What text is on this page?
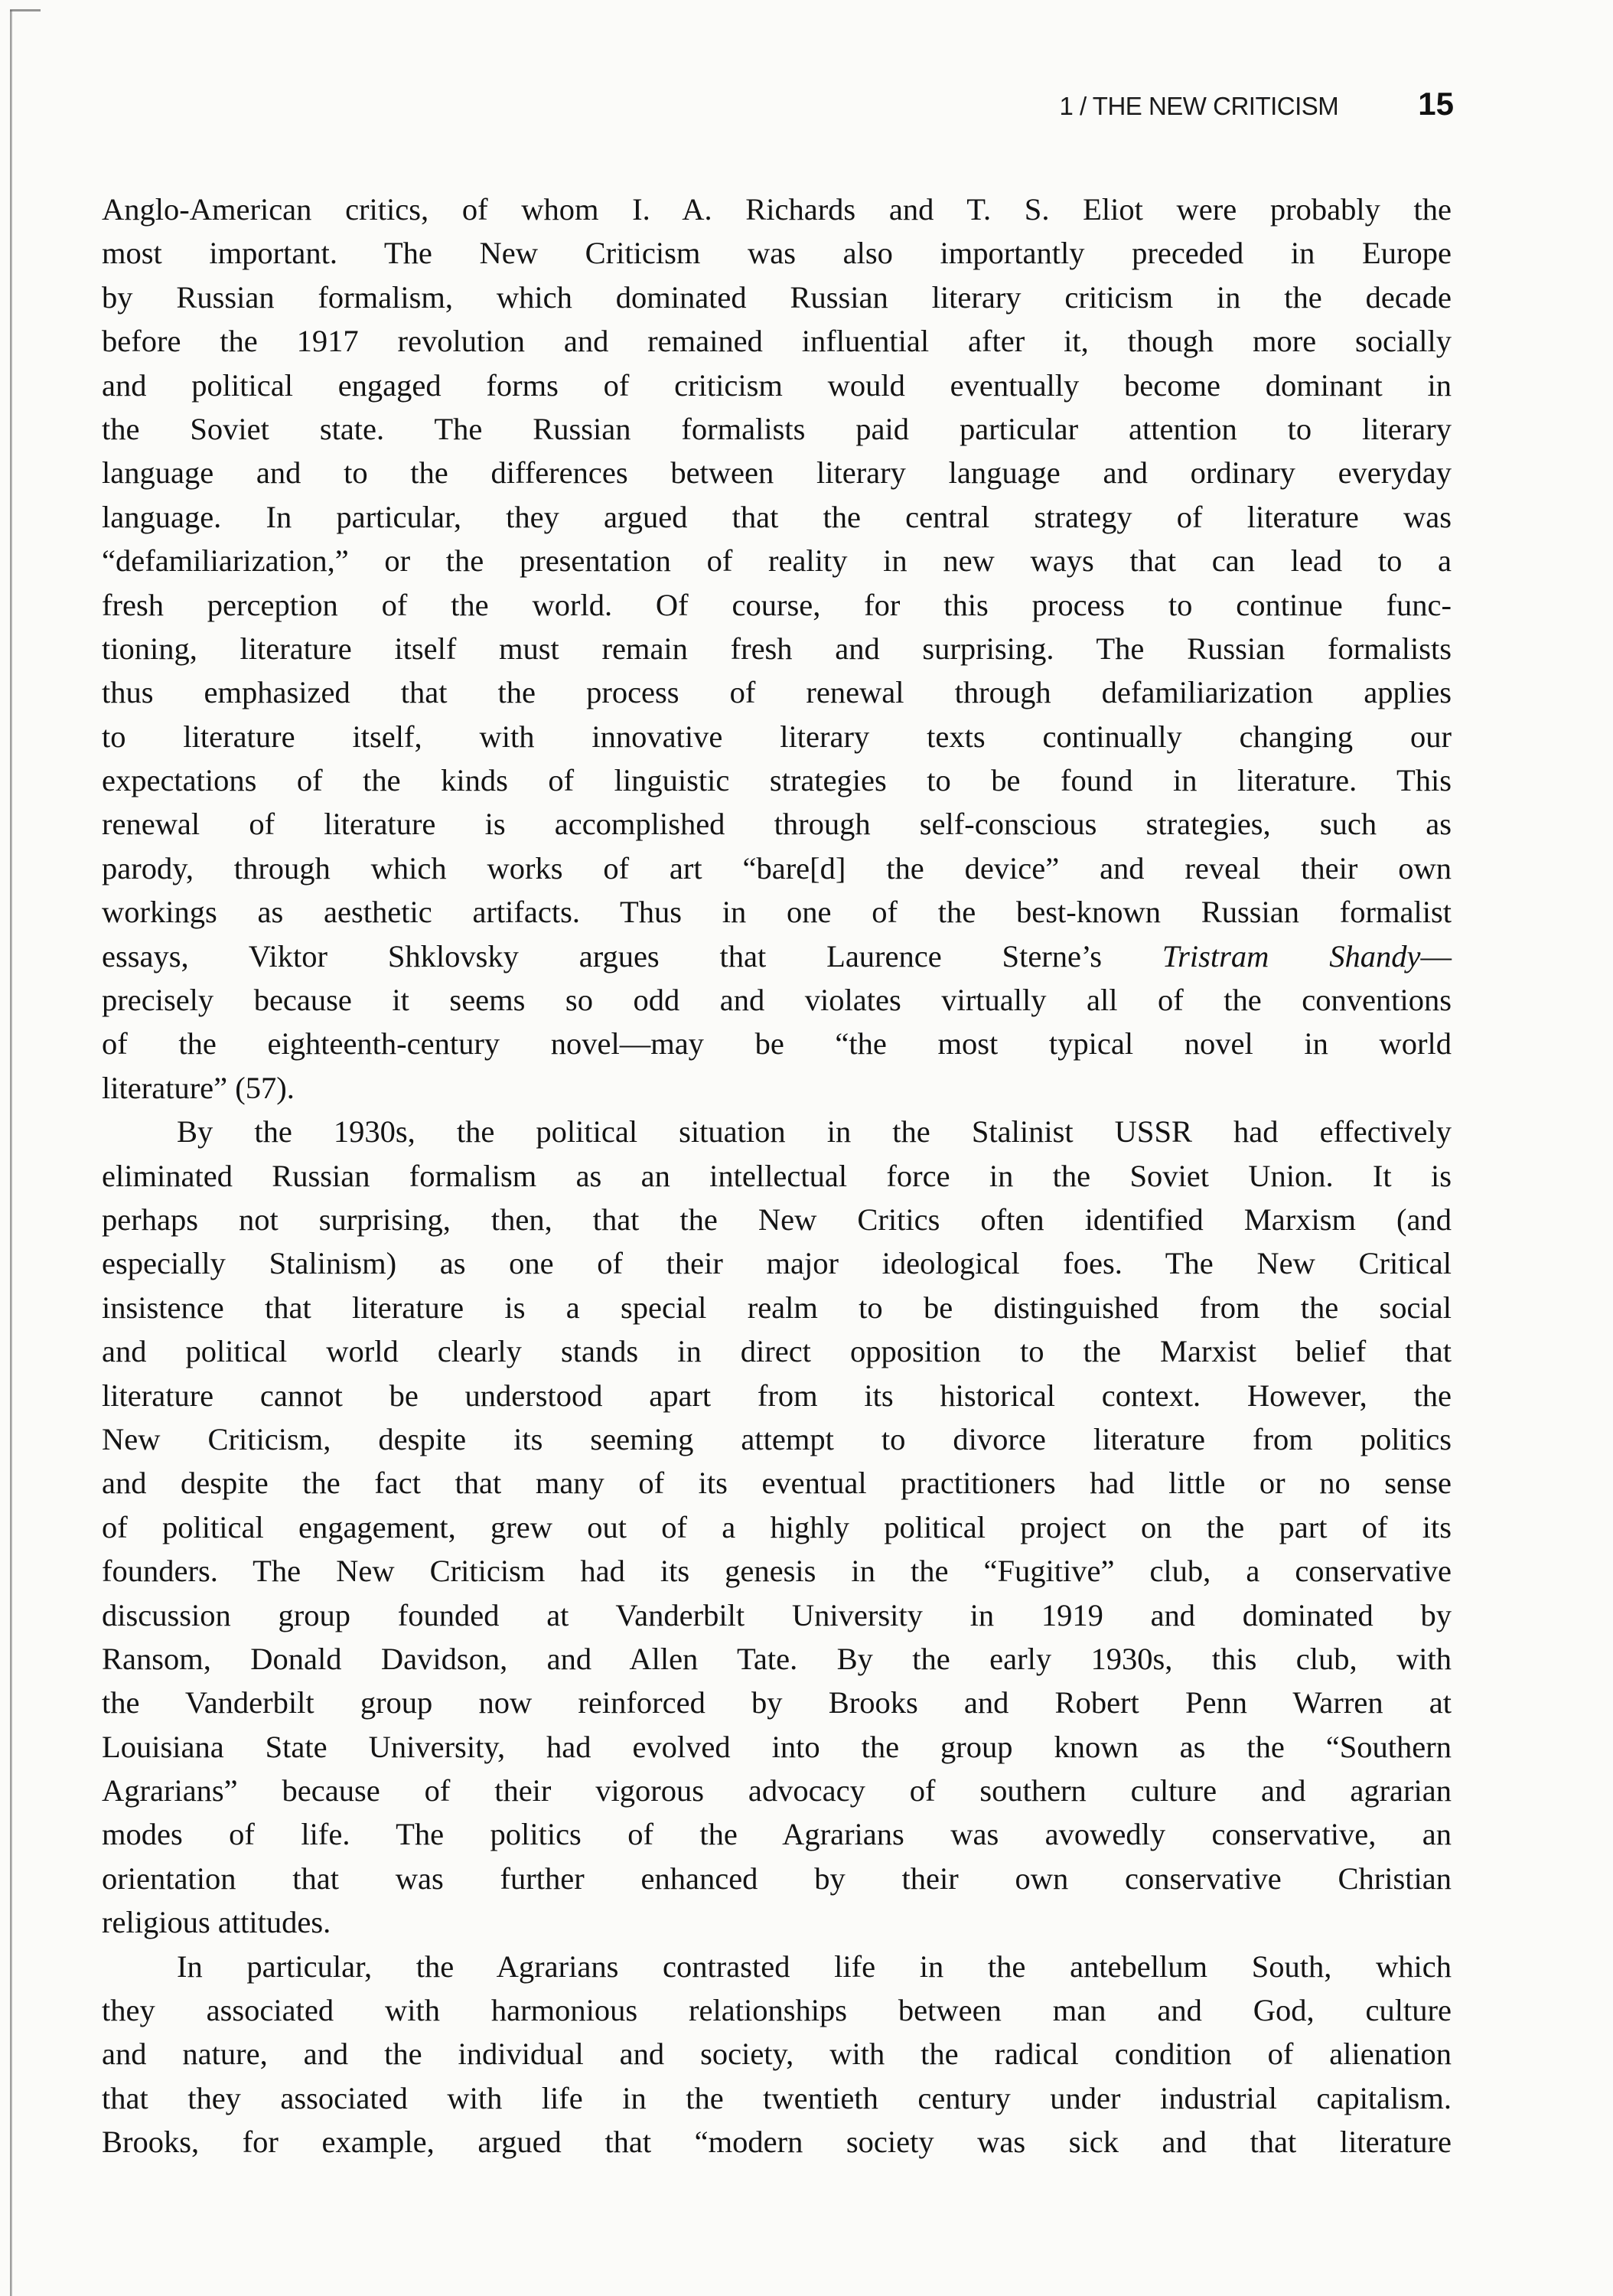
1 / THE NEW CRITICISM 15
Anglo-American critics, of whom I. A. Richards and T. S. Eliot were probably the
most important. The New Criticism was also importantly preceded in Europe
by Russian formalism, which dominated Russian literary criticism in the decade
before the 1917 revolution and remained influential after it, though more socially
and political engaged forms of criticism would eventually become dominant in
the Soviet state. The Russian formalists paid particular attention to literary
language and to the differences between literary language and ordinary everyday
language. In particular, they argued that the central strategy of literature was
“defamiliarization,” or the presentation of reality in new ways that can lead to a
fresh perception of the world. Of course, for this process to continue func-
tioning, literature itself must remain fresh and surprising. The Russian formalists
thus emphasized that the process of renewal through defamiliarization applies
to literature itself, with innovative literary texts continually changing our
expectations of the kinds of linguistic strategies to be found in literature. This
renewal of literature is accomplished through self-conscious strategies, such as
parody, through which works of art “bare[d] the device” and reveal their own
workings as aesthetic artifacts. Thus in one of the best-known Russian formalist
essays, Viktor Shklovsky argues that Laurence Sterne’s Tristram Shandy—
precisely because it seems so odd and violates virtually all of the conventions
of the eighteenth-century novel—may be “the most typical novel in world
literature” (57).
By the 1930s, the political situation in the Stalinist USSR had effectively
eliminated Russian formalism as an intellectual force in the Soviet Union. It is
perhaps not surprising, then, that the New Critics often identified Marxism (and
especially Stalinism) as one of their major ideological foes. The New Critical
insistence that literature is a special realm to be distinguished from the social
and political world clearly stands in direct opposition to the Marxist belief that
literature cannot be understood apart from its historical context. However, the
New Criticism, despite its seeming attempt to divorce literature from politics
and despite the fact that many of its eventual practitioners had little or no sense
of political engagement, grew out of a highly political project on the part of its
founders. The New Criticism had its genesis in the “Fugitive” club, a conservative
discussion group founded at Vanderbilt University in 1919 and dominated by
Ransom, Donald Davidson, and Allen Tate. By the early 1930s, this club, with
the Vanderbilt group now reinforced by Brooks and Robert Penn Warren at
Louisiana State University, had evolved into the group known as the “Southern
Agrarians” because of their vigorous advocacy of southern culture and agrarian
modes of life. The politics of the Agrarians was avowedly conservative, an
orientation that was further enhanced by their own conservative Christian
religious attitudes.
In particular, the Agrarians contrasted life in the antebellum South, which
they associated with harmonious relationships between man and God, culture
and nature, and the individual and society, with the radical condition of alienation
that they associated with life in the twentieth century under industrial capitalism.
Brooks, for example, argued that “modern society was sick and that literature
